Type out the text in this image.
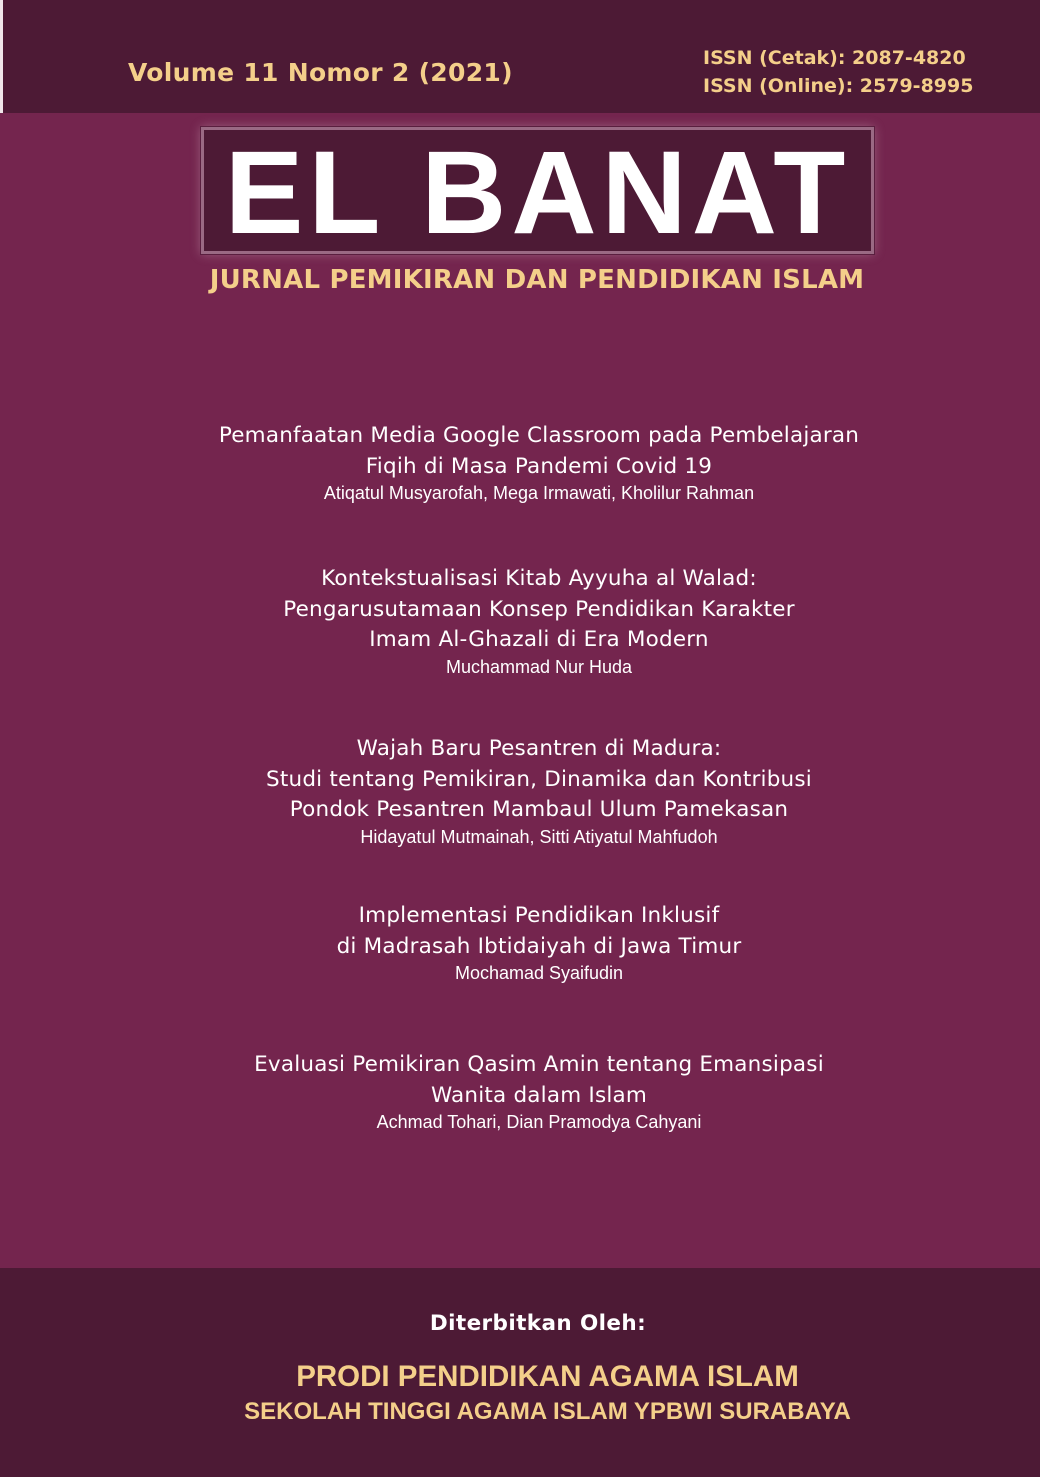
Volume 11 Nomor 2 (2021)	ISSN (Cetak): 2087-4820
ISSN (Online): 2579-8995
EL BANAT
JURNAL PEMIKIRAN DAN PENDIDIKAN ISLAM
Pemanfaatan Media Google Classroom pada Pembelajaran
Fiqih di Masa Pandemi Covid 19
Atiqatul Musyarofah, Mega Irmawati, Kholilur Rahman
Kontekstualisasi Kitab Ayyuha al Walad:
Pengarusutamaan Konsep Pendidikan Karakter
Imam Al-Ghazali di Era Modern
Muchammad Nur Huda
Wajah Baru Pesantren di Madura:
Studi tentang Pemikiran, Dinamika dan Kontribusi
Pondok Pesantren Mambaul Ulum Pamekasan
Hidayatul Mutmainah, Sitti Atiyatul Mahfudoh
Implementasi Pendidikan Inklusif
di Madrasah Ibtidaiyah di Jawa Timur
Mochamad Syaifudin
Evaluasi Pemikiran Qasim Amin tentang Emansipasi
Wanita dalam Islam
Achmad Tohari, Dian Pramodya Cahyani
Diterbitkan Oleh:
PRODI PENDIDIKAN AGAMA ISLAM
SEKOLAH TINGGI AGAMA ISLAM YPBWI SURABAYA
